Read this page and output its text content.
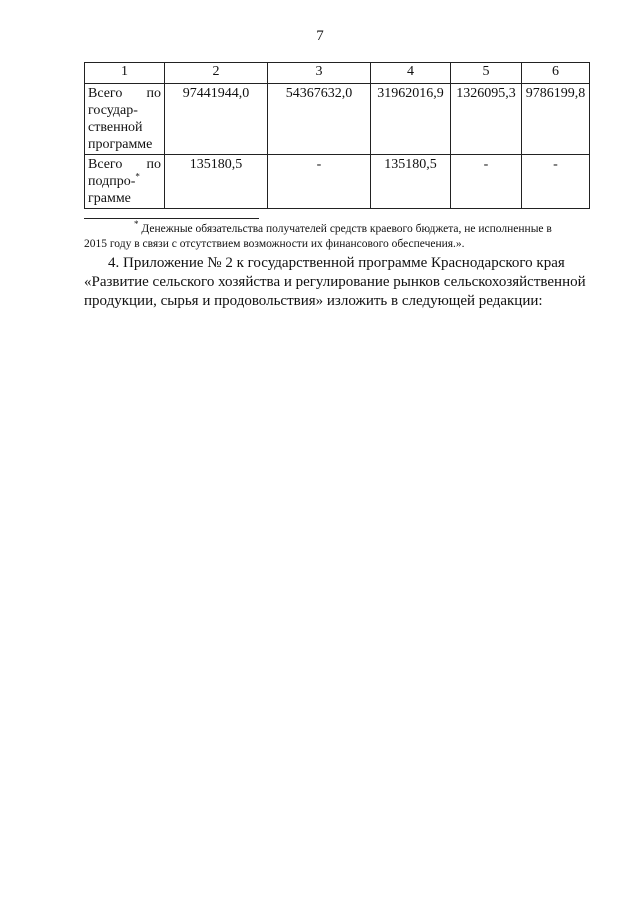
7
1	2	3	4	5	6

Всего по
государ-
ственной
программе	97441944,0	54367632,0	31962016,9	1326095,3	9786199,8

Всего по
подпро-*
грамме	135180,5	-	135180,5	-	-
* Денежные обязательства получателей средств краевого бюджета, не исполненные в
2015 году в связи с отсутствием возможности их финансового обеспечения.».
4. Приложение № 2 к государственной программе Краснодарского края
«Развитие сельского хозяйства и регулирование рынков сельскохозяйственной
продукции, сырья и продовольствия» изложить в следующей редакции:
